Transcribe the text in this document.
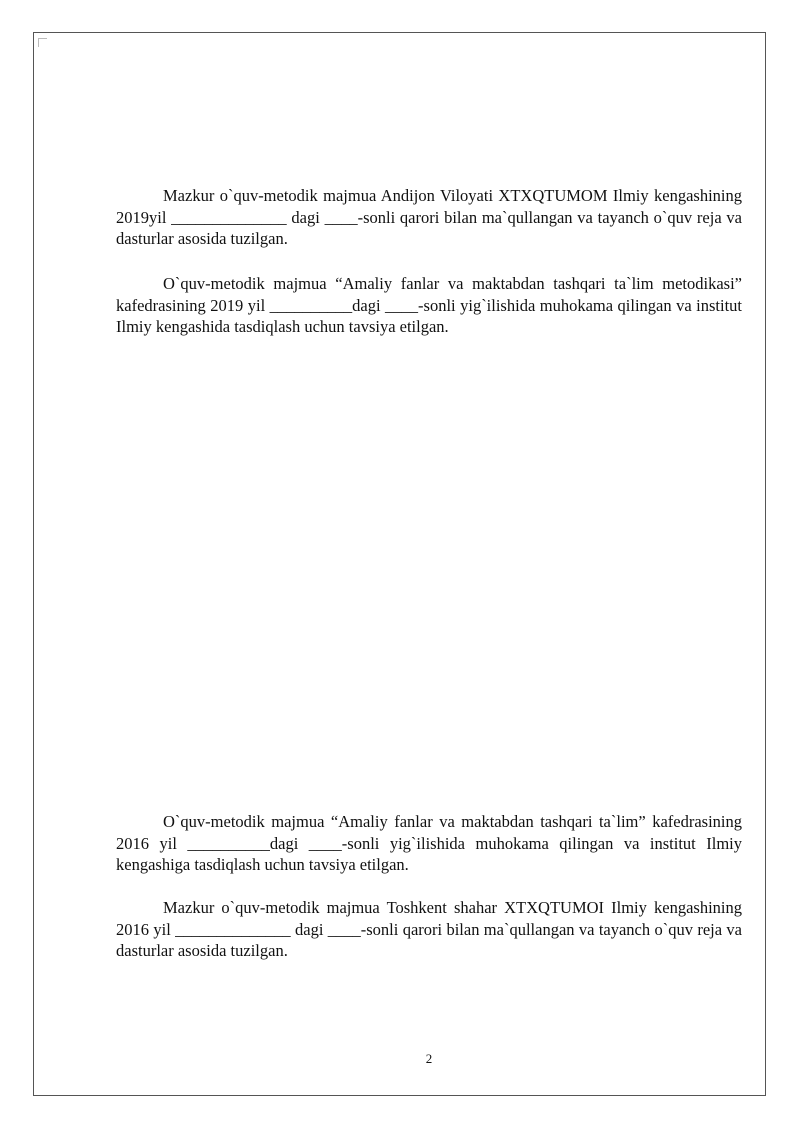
Mazkur o`quv-metodik majmua Andijon Viloyati XTXQTUMOM Ilmiy kengashining 2019yil ______________ dagi ____-sonli qarori bilan ma`qullangan va tayanch o`quv reja va dasturlar asosida tuzilgan.

O`quv-metodik majmua “Amaliy fanlar va maktabdan tashqari ta`lim metodikasi” kafedrasining 2019 yil __________dagi ____-sonli yig`ilishida muhokama qilingan va institut Ilmiy kengashida tasdiqlash uchun tavsiya etilgan.

O`quv-metodik majmua “Amaliy fanlar va maktabdan tashqari ta`lim” kafedrasining 2016 yil __________dagi ____-sonli yig`ilishida muhokama qilingan va institut Ilmiy kengashiga tasdiqlash uchun tavsiya etilgan.

Mazkur o`quv-metodik majmua Toshkent shahar XTXQTUMOI Ilmiy kengashining 2016 yil ______________ dagi ____-sonli qarori bilan ma`qullangan va tayanch o`quv reja va dasturlar asosida tuzilgan.

2
